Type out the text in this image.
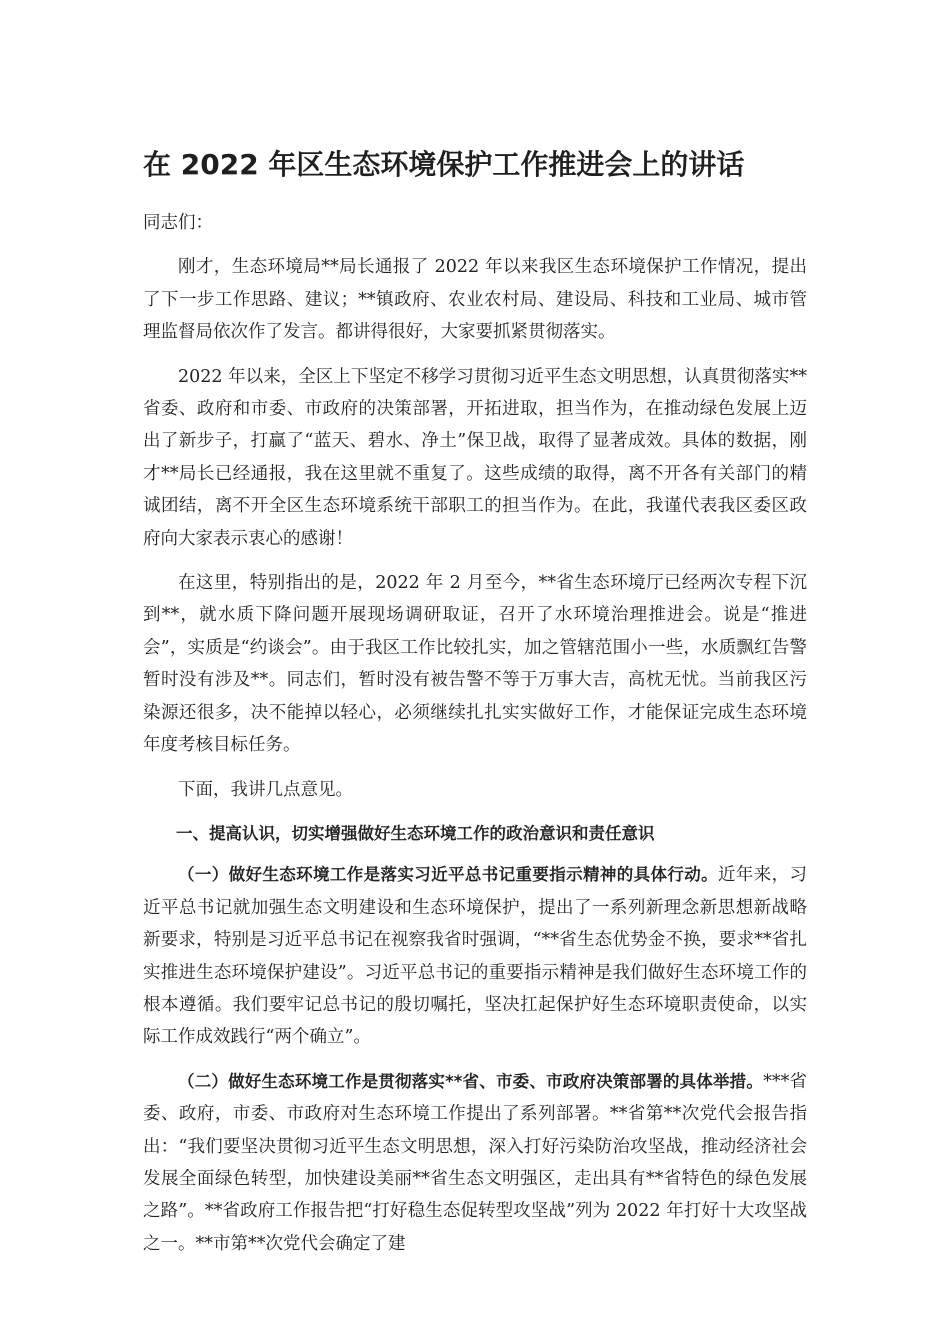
在 2022 年区生态环境保护工作推进会上的讲话

同志们：

刚才，生态环境局**局长通报了 2022 年以来我区生态环境保护工作情况，提出了下一步工作思路、建议；**镇政府、农业农村局、建设局、科技和工业局、城市管理监督局依次作了发言。都讲得很好，大家要抓紧贯彻落实。

2022 年以来，全区上下坚定不移学习贯彻习近平生态文明思想，认真贯彻落实**省委、政府和市委、市政府的决策部署，开拓进取，担当作为，在推动绿色发展上迈出了新步子，打赢了“蓝天、碧水、净土”保卫战，取得了显著成效。具体的数据，刚才**局长已经通报，我在这里就不重复了。这些成绩的取得，离不开各有关部门的精诚团结，离不开全区生态环境系统干部职工的担当作为。在此，我谨代表我区委区政府向大家表示衷心的感谢！

在这里，特别指出的是，2022 年 2 月至今，**省生态环境厅已经两次专程下沉到**，就水质下降问题开展现场调研取证，召开了水环境治理推进会。说是“推进会”，实质是“约谈会”。由于我区工作比较扎实，加之管辖范围小一些，水质飘红告警暂时没有涉及**。同志们，暂时没有被告警不等于万事大吉，高枕无忧。当前我区污染源还很多，决不能掉以轻心，必须继续扎扎实实做好工作，才能保证完成生态环境年度考核目标任务。

下面，我讲几点意见。

一、提高认识，切实增强做好生态环境工作的政治意识和责任意识

（一）做好生态环境工作是落实习近平总书记重要指示精神的具体行动。近年来，习近平总书记就加强生态文明建设和生态环境保护，提出了一系列新理念新思想新战略新要求，特别是习近平总书记在视察我省时强调，“**省生态优势金不换，要求**省扎实推进生态环境保护建设”。习近平总书记的重要指示精神是我们做好生态环境工作的根本遵循。我们要牢记总书记的殷切嘱托，坚决扛起保护好生态环境职责使命，以实际工作成效践行“两个确立”。

（二）做好生态环境工作是贯彻落实**省、市委、市政府决策部署的具体举措。***省委、政府，市委、市政府对生态环境工作提出了系列部署。**省第**次党代会报告指出：“我们要坚决贯彻习近平生态文明思想，深入打好污染防治攻坚战，推动经济社会发展全面绿色转型，加快建设美丽**省生态文明强区，走出具有**省特色的绿色发展之路”。**省政府工作报告把“打好稳生态促转型攻坚战”列为 2022 年打好十大攻坚战之一。**市第**次党代会确定了建
